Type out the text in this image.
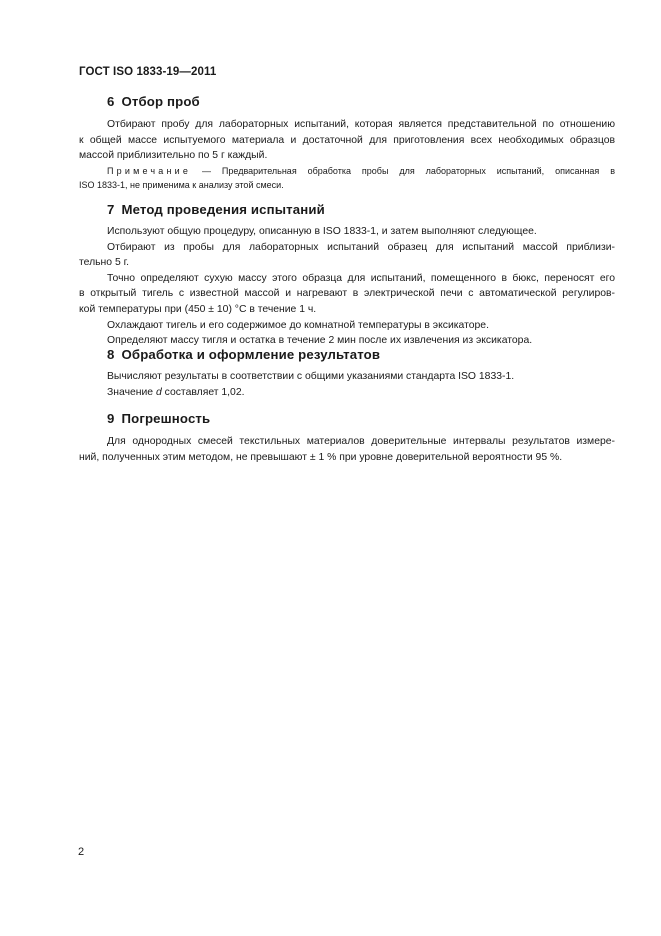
ГОСТ ISO 1833-19—2011
6 Отбор проб

Отбирают пробу для лабораторных испытаний, которая является представительной по отношению

к общей массе испытуемого материала и достаточной для приготовления всех необходимых образцов

массой приблизительно по 5 г каждый.

Примечание — Предварительная обработка пробы для лабораторных испытаний, описанная в

ISO 1833-1, не применима к анализу этой смеси.

7 Метод проведения испытаний

Используют общую процедуру, описанную в ISO 1833-1, и затем выполняют следующее.

Отбирают из пробы для лабораторных испытаний образец для испытаний массой приблизи-

тельно 5 г.

Точно определяют сухую массу этого образца для испытаний, помещенного в бюкс, переносят его

в открытый тигель с известной массой и нагревают в электрической печи с автоматической регулиров-

кой температуры при (450 ± 10) °С в течение 1 ч.

Охлаждают тигель и его содержимое до комнатной температуры в эксикаторе.

Определяют массу тигля и остатка в течение 2 мин после их извлечения из эксикатора.

8 Обработка и оформление результатов

Вычисляют результаты в соответствии с общими указаниями стандарта ISO 1833-1.

Значение d составляет 1,02.

9 Погрешность

Для однородных смесей текстильных материалов доверительные интервалы результатов измере-

ний, полученных этим методом, не превышают ± 1 % при уровне доверительной вероятности 95 %.

2
